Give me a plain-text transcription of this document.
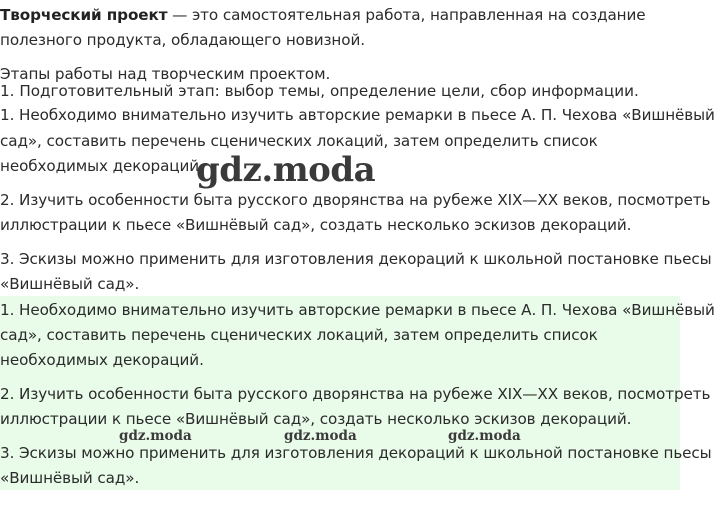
Творческий проект — это самостоятельная работа, направленная на создание

полезного продукта, обладающего новизной.

Этапы работы над творческим проектом.

1. Подготовительный этап: выбор темы, определение цели, сбор информации.

1. Необходимо внимательно изучить авторские ремарки в пьесе А. П. Чехова «Вишнёвый

сад», составить перечень сценических локаций, затем определить список

необходимых декораций.

2. Изучить особенности быта русского дворянства на рубеже XIX—XX веков, посмотреть

иллюстрации к пьесе «Вишнёвый сад», создать несколько эскизов декораций.

3. Эскизы можно применить для изготовления декораций к школьной постановке пьесы

«Вишнёвый сад».

gdz.moda

1. Необходимо внимательно изучить авторские ремарки в пьесе А. П. Чехова «Вишнёвый

сад», составить перечень сценических локаций, затем определить список

необходимых декораций.

2. Изучить особенности быта русского дворянства на рубеже XIX—XX веков, посмотреть

иллюстрации к пьесе «Вишнёвый сад», создать несколько эскизов декораций.

gdz.moda	gdz.moda	gdz.moda

3. Эскизы можно применить для изготовления декораций к школьной постановке пьесы

«Вишнёвый сад».
